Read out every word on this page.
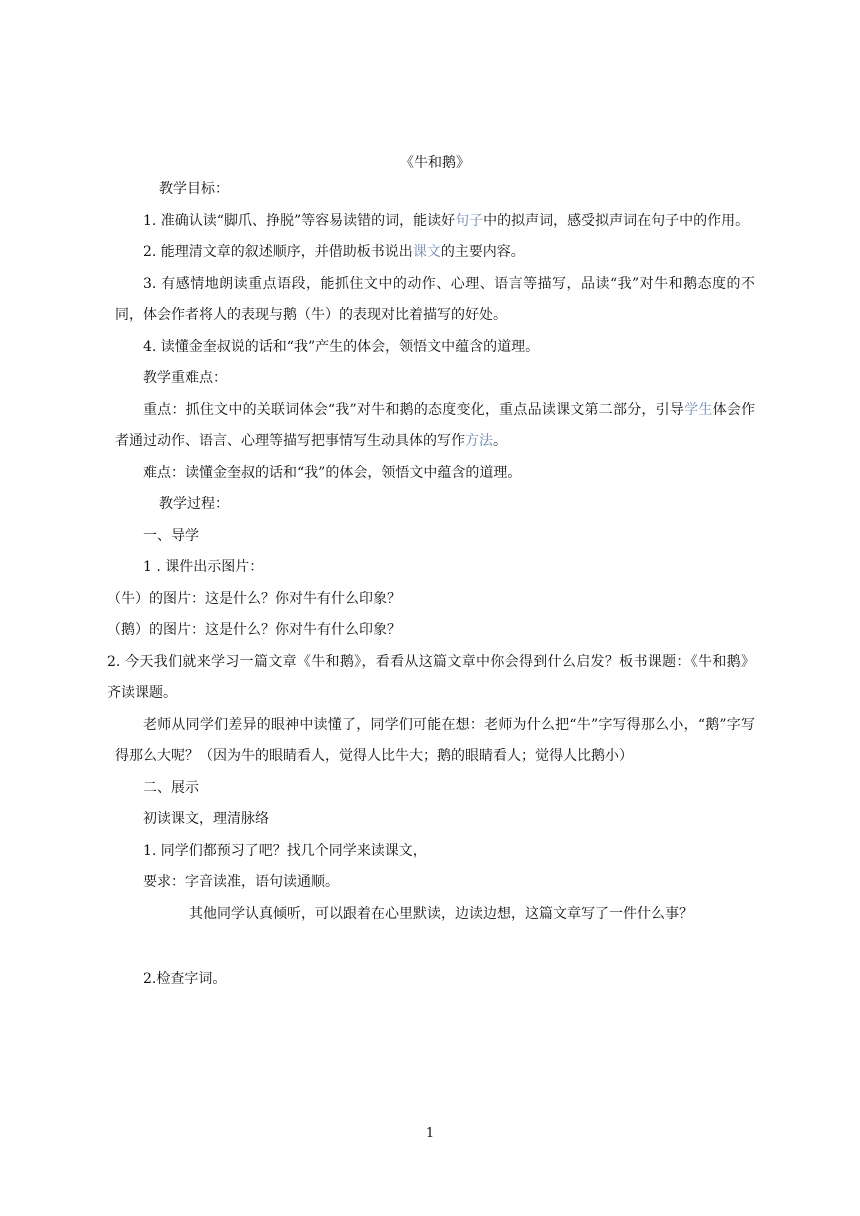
《牛和鹅》

教学目标：

1. 准确认读“脚爪、挣脱”等容易读错的词，能读好句子中的拟声词，感受拟声词在句子中的作用。

2. 能理清文章的叙述顺序，并借助板书说出课文的主要内容。

3. 有感情地朗读重点语段，能抓住文中的动作、心理、语言等描写，品读“我”对牛和鹅态度的不同，体会作者将人的表现与鹅（牛）的表现对比着描写的好处。

4. 读懂金奎叔说的话和“我”产生的体会，领悟文中蕴含的道理。

教学重难点：

重点：抓住文中的关联词体会“我”对牛和鹅的态度变化，重点品读课文第二部分，引导学生体会作者通过动作、语言、心理等描写把事情写生动具体的写作方法。

难点：读懂金奎叔的话和“我”的体会，领悟文中蕴含的道理。

教学过程：

一、导学

1 . 课件出示图片：

（牛）的图片：这是什么？你对牛有什么印象？

（鹅）的图片：这是什么？你对牛有什么印象？

2. 今天我们就来学习一篇文章《牛和鹅》，看看从这篇文章中你会得到什么启发？板书课题：《牛和鹅》 齐读课题。

老师从同学们差异的眼神中读懂了，同学们可能在想：老师为什么把“牛”字写得那么小，“鹅”字写得那么大呢？（因为牛的眼睛看人，觉得人比牛大；鹅的眼睛看人；觉得人比鹅小）

二、展示

初读课文，理清脉络

1. 同学们都预习了吧？找几个同学来读课文，

要求：字音读准，语句读通顺。

其他同学认真倾听，可以跟着在心里默读，边读边想，这篇文章写了一件什么事？

2.检查字词。

1
